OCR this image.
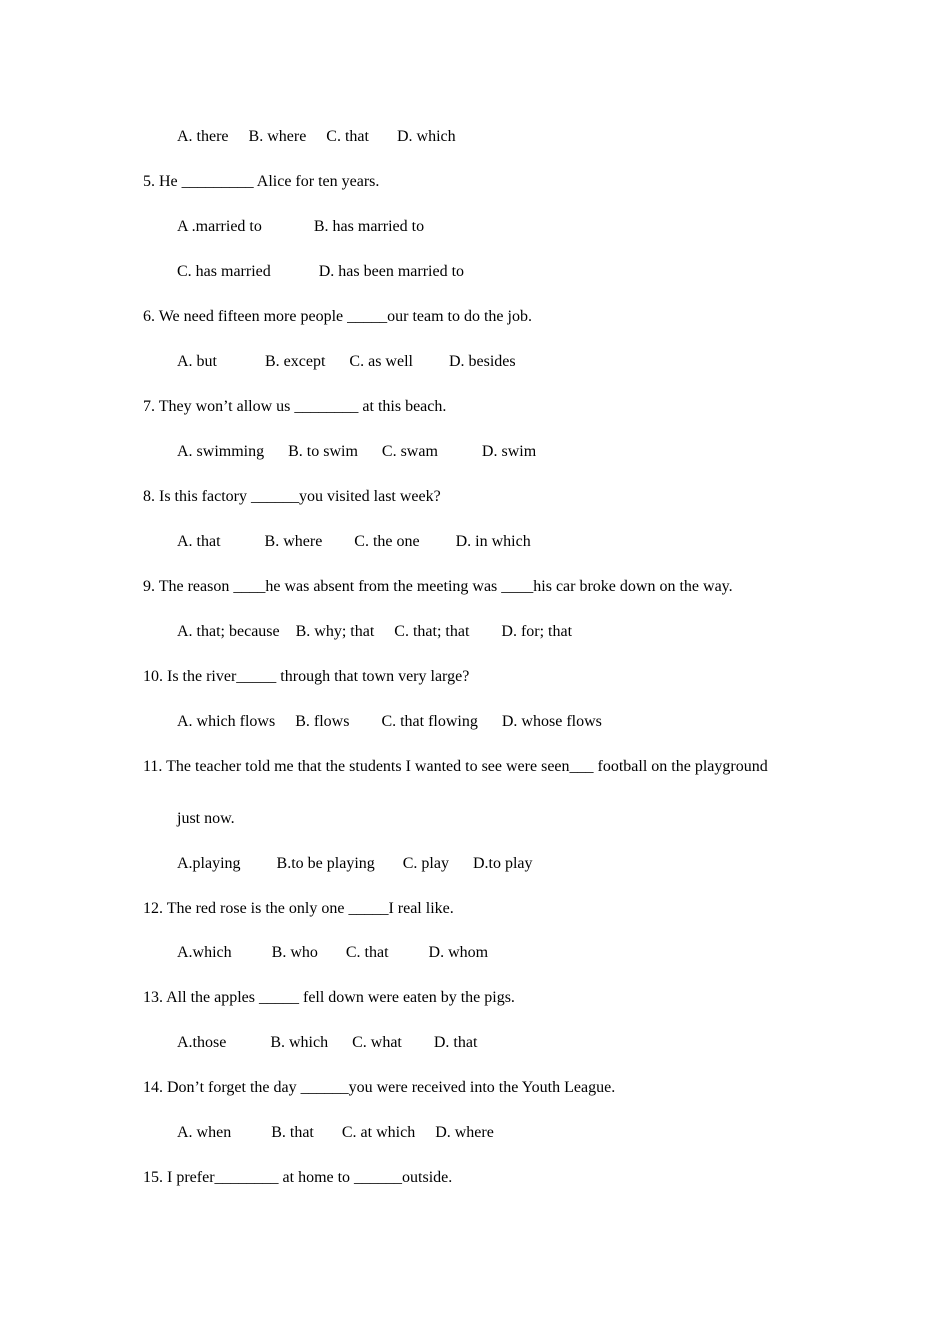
A. there     B. where     C. that       D. which
5. He _________ Alice for ten years.
A .married to             B. has married to
C. has married            D. has been married to
6. We need fifteen more people _____our team to do the job.
A. but            B. except      C. as well         D. besides
7. They won’t allow us ________ at this beach.
A. swimming      B. to swim      C. swam           D. swim
8. Is this factory ______you visited last week?
A. that           B. where        C. the one         D. in which
9. The reason ____he was absent from the meeting was ____his car broke down on the way.
A. that; because    B. why; that     C. that; that        D. for; that
10. Is the river_____ through that town very large?
A. which flows     B. flows        C. that flowing      D. whose flows
11. The teacher told me that the students I wanted to see were seen___ football on the playground
just now.
A.playing         B.to be playing       C. play      D.to play
12. The red rose is the only one _____I real like.
A.which          B. who       C. that          D. whom
13. All the apples _____ fell down were eaten by the pigs.
A.those           B. which      C. what        D. that
14. Don’t forget the day ______you were received into the Youth League.
A. when          B. that       C. at which     D. where
15. I prefer________ at home to ______outside.
